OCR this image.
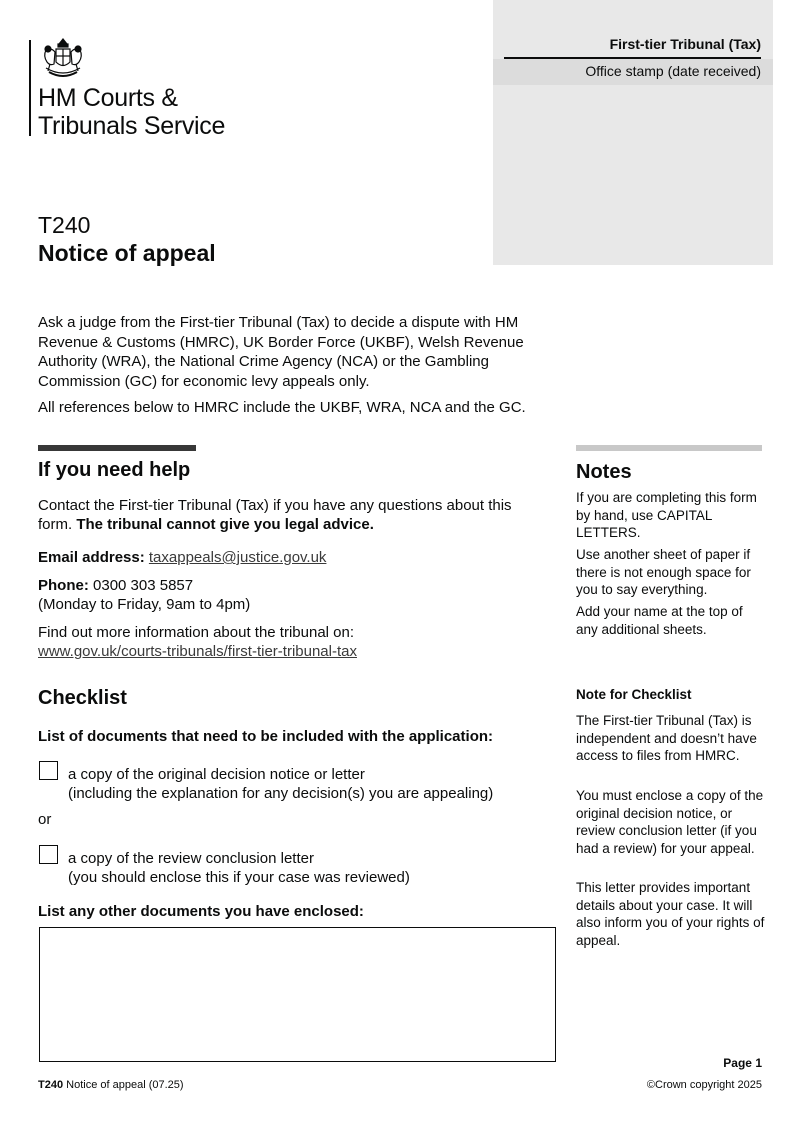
HM Courts &
Tribunals Service
First-tier Tribunal (Tax)
Office stamp (date received)
T240
Notice of appeal

Ask a judge from the First-tier Tribunal (Tax) to decide a dispute with HM Revenue & Customs (HMRC), UK Border Force (UKBF), Welsh Revenue Authority (WRA), the National Crime Agency (NCA) or the Gambling Commission (GC) for economic levy appeals only.

All references below to HMRC include the UKBF, WRA, NCA and the GC.

If you need help

Contact the First-tier Tribunal (Tax) if you have any questions about this form. The tribunal cannot give you legal advice.

Email address: taxappeals@justice.gov.uk

Phone: 0300 303 5857
(Monday to Friday, 9am to 4pm)

Find out more information about the tribunal on:
www.gov.uk/courts-tribunals/first-tier-tribunal-tax

Notes

If you are completing this form by hand, use CAPITAL LETTERS.

Use another sheet of paper if there is not enough space for you to say everything.

Add your name at the top of any additional sheets.

Note for Checklist

The First-tier Tribunal (Tax) is independent and doesn’t have access to files from HMRC.

You must enclose a copy of the original decision notice, or review conclusion letter (if you had a review) for your appeal.

This letter provides important details about your case. It will also inform you of your rights of appeal.

Checklist

List of documents that need to be included with the application:

a copy of the original decision notice or letter
(including the explanation for any decision(s) you are appealing)

or

a copy of the review conclusion letter
(you should enclose this if your case was reviewed)

List any other documents you have enclosed:

Page 1
T240 Notice of appeal (07.25)	©Crown copyright 2025
